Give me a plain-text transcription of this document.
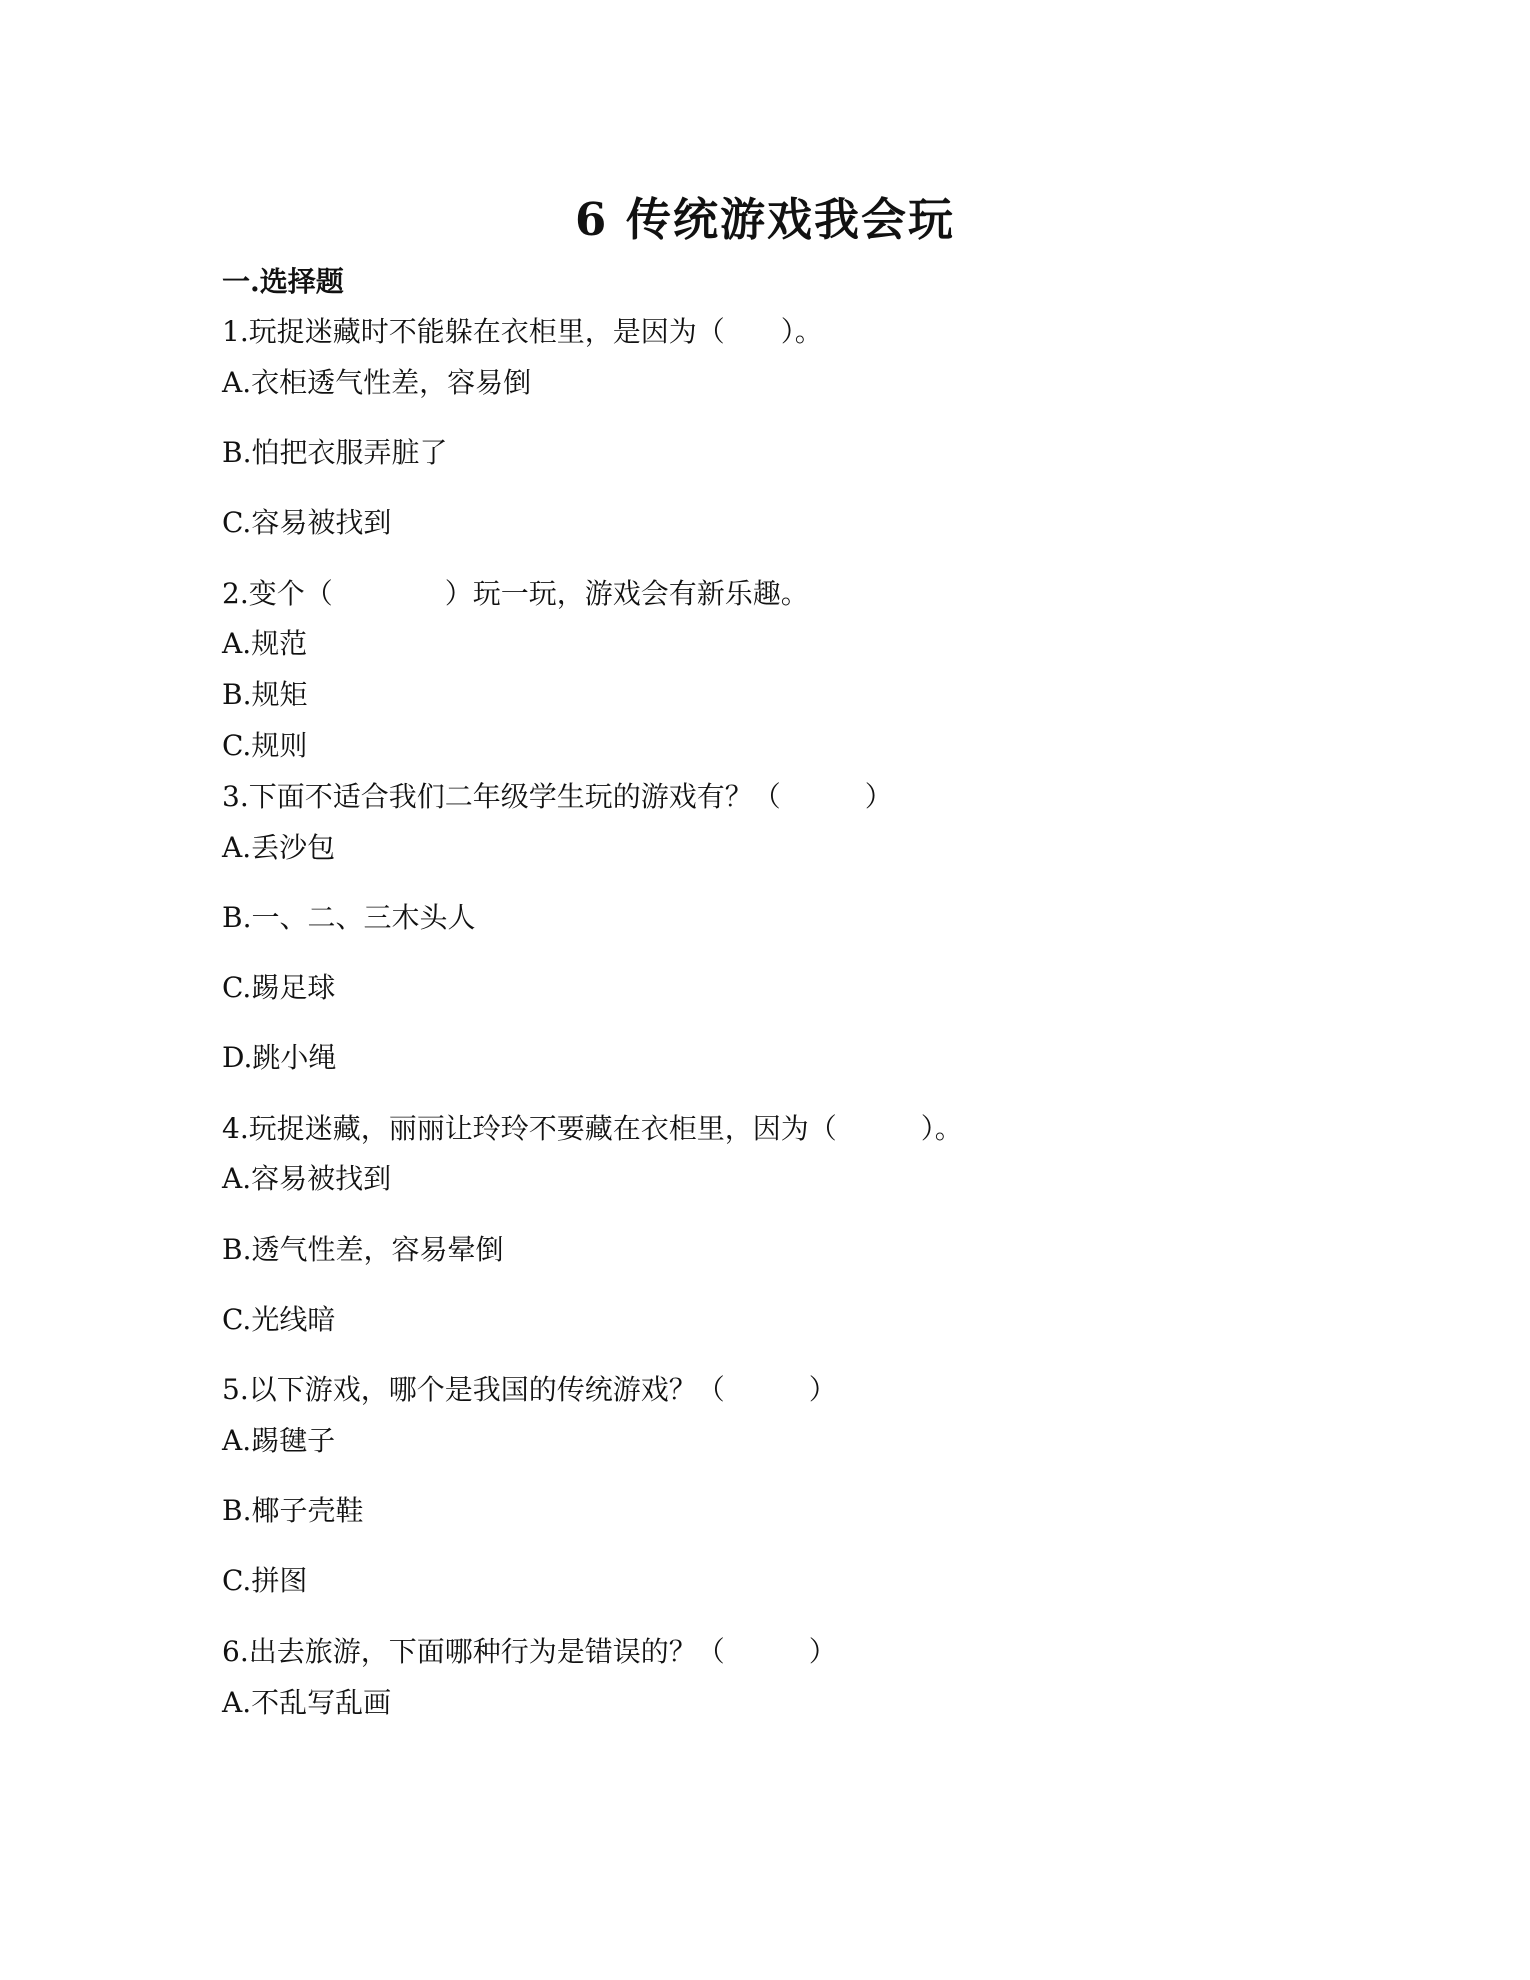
6 传统游戏我会玩
一.选择题
1.玩捉迷藏时不能躲在衣柜里，是因为（　　）。
A.衣柜透气性差，容易倒
B.怕把衣服弄脏了
C.容易被找到
2.变个（　　　　）玩一玩，游戏会有新乐趣。
A.规范
B.规矩
C.规则
3.下面不适合我们二年级学生玩的游戏有？（　　　）
A.丢沙包
B.一、二、三木头人
C.踢足球
D.跳小绳
4.玩捉迷藏，丽丽让玲玲不要藏在衣柜里，因为（　　　）。
A.容易被找到
B.透气性差，容易晕倒
C.光线暗
5.以下游戏，哪个是我国的传统游戏？（　　　）
A.踢毽子
B.椰子壳鞋
C.拼图
6.出去旅游，下面哪种行为是错误的？（　　　）
A.不乱写乱画
